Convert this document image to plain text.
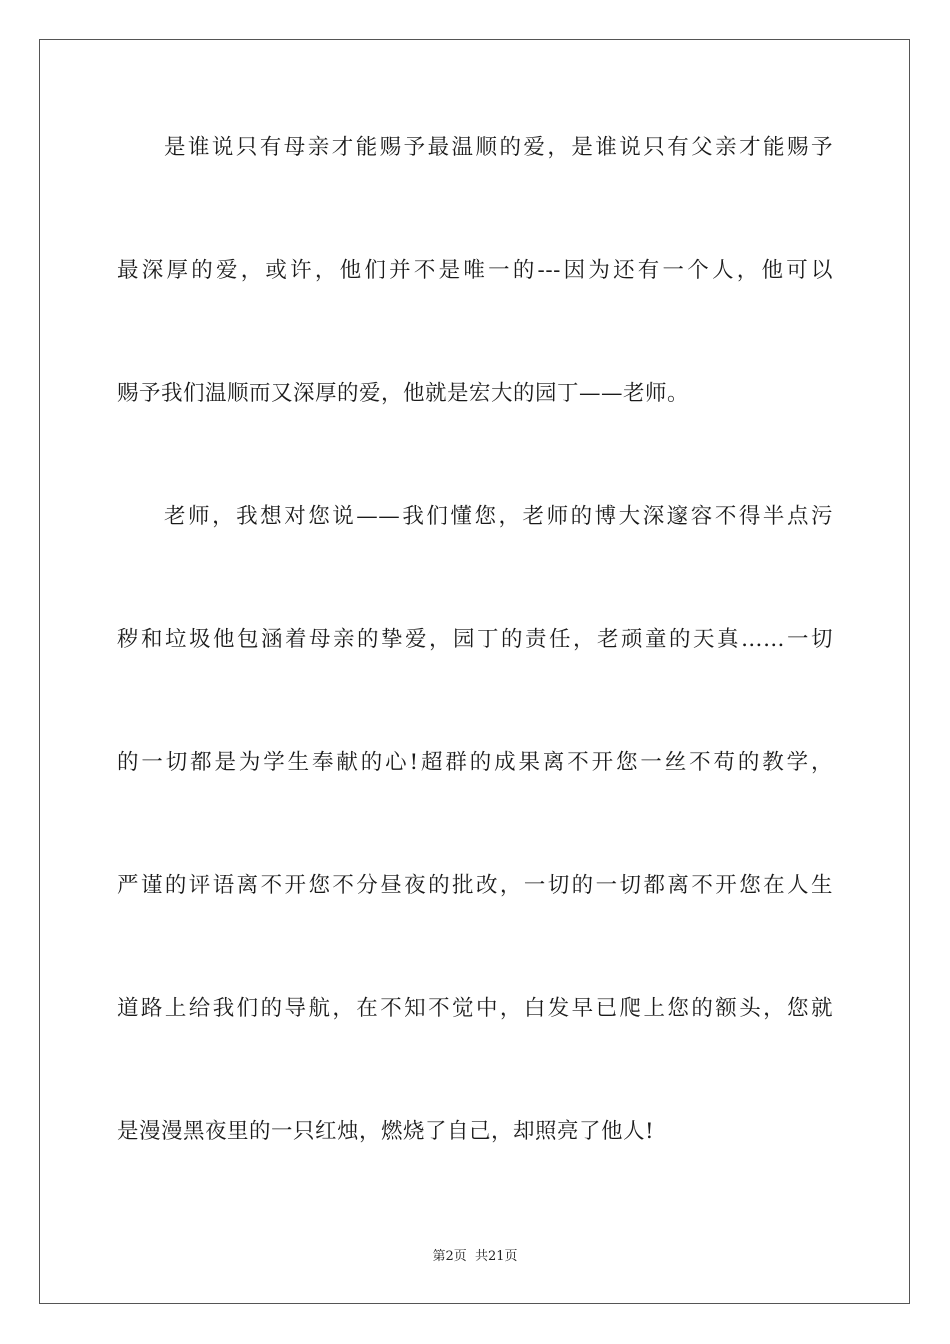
是谁说只有母亲才能赐予最温顺的爱，是谁说只有父亲才能赐予
最深厚的爱，或许，他们并不是唯一的---因为还有一个人，他可以
赐予我们温顺而又深厚的爱，他就是宏大的园丁——老师。
老师，我想对您说——我们懂您，老师的博大深邃容不得半点污
秽和垃圾他包涵着母亲的挚爱，园丁的责任，老顽童的天真……一切
的一切都是为学生奉献的心!超群的成果离不开您一丝不苟的教学，
严谨的评语离不开您不分昼夜的批改，一切的一切都离不开您在人生
道路上给我们的导航，在不知不觉中，白发早已爬上您的额头，您就
是漫漫黑夜里的一只红烛，燃烧了自己，却照亮了他人!
第2页 共21页
